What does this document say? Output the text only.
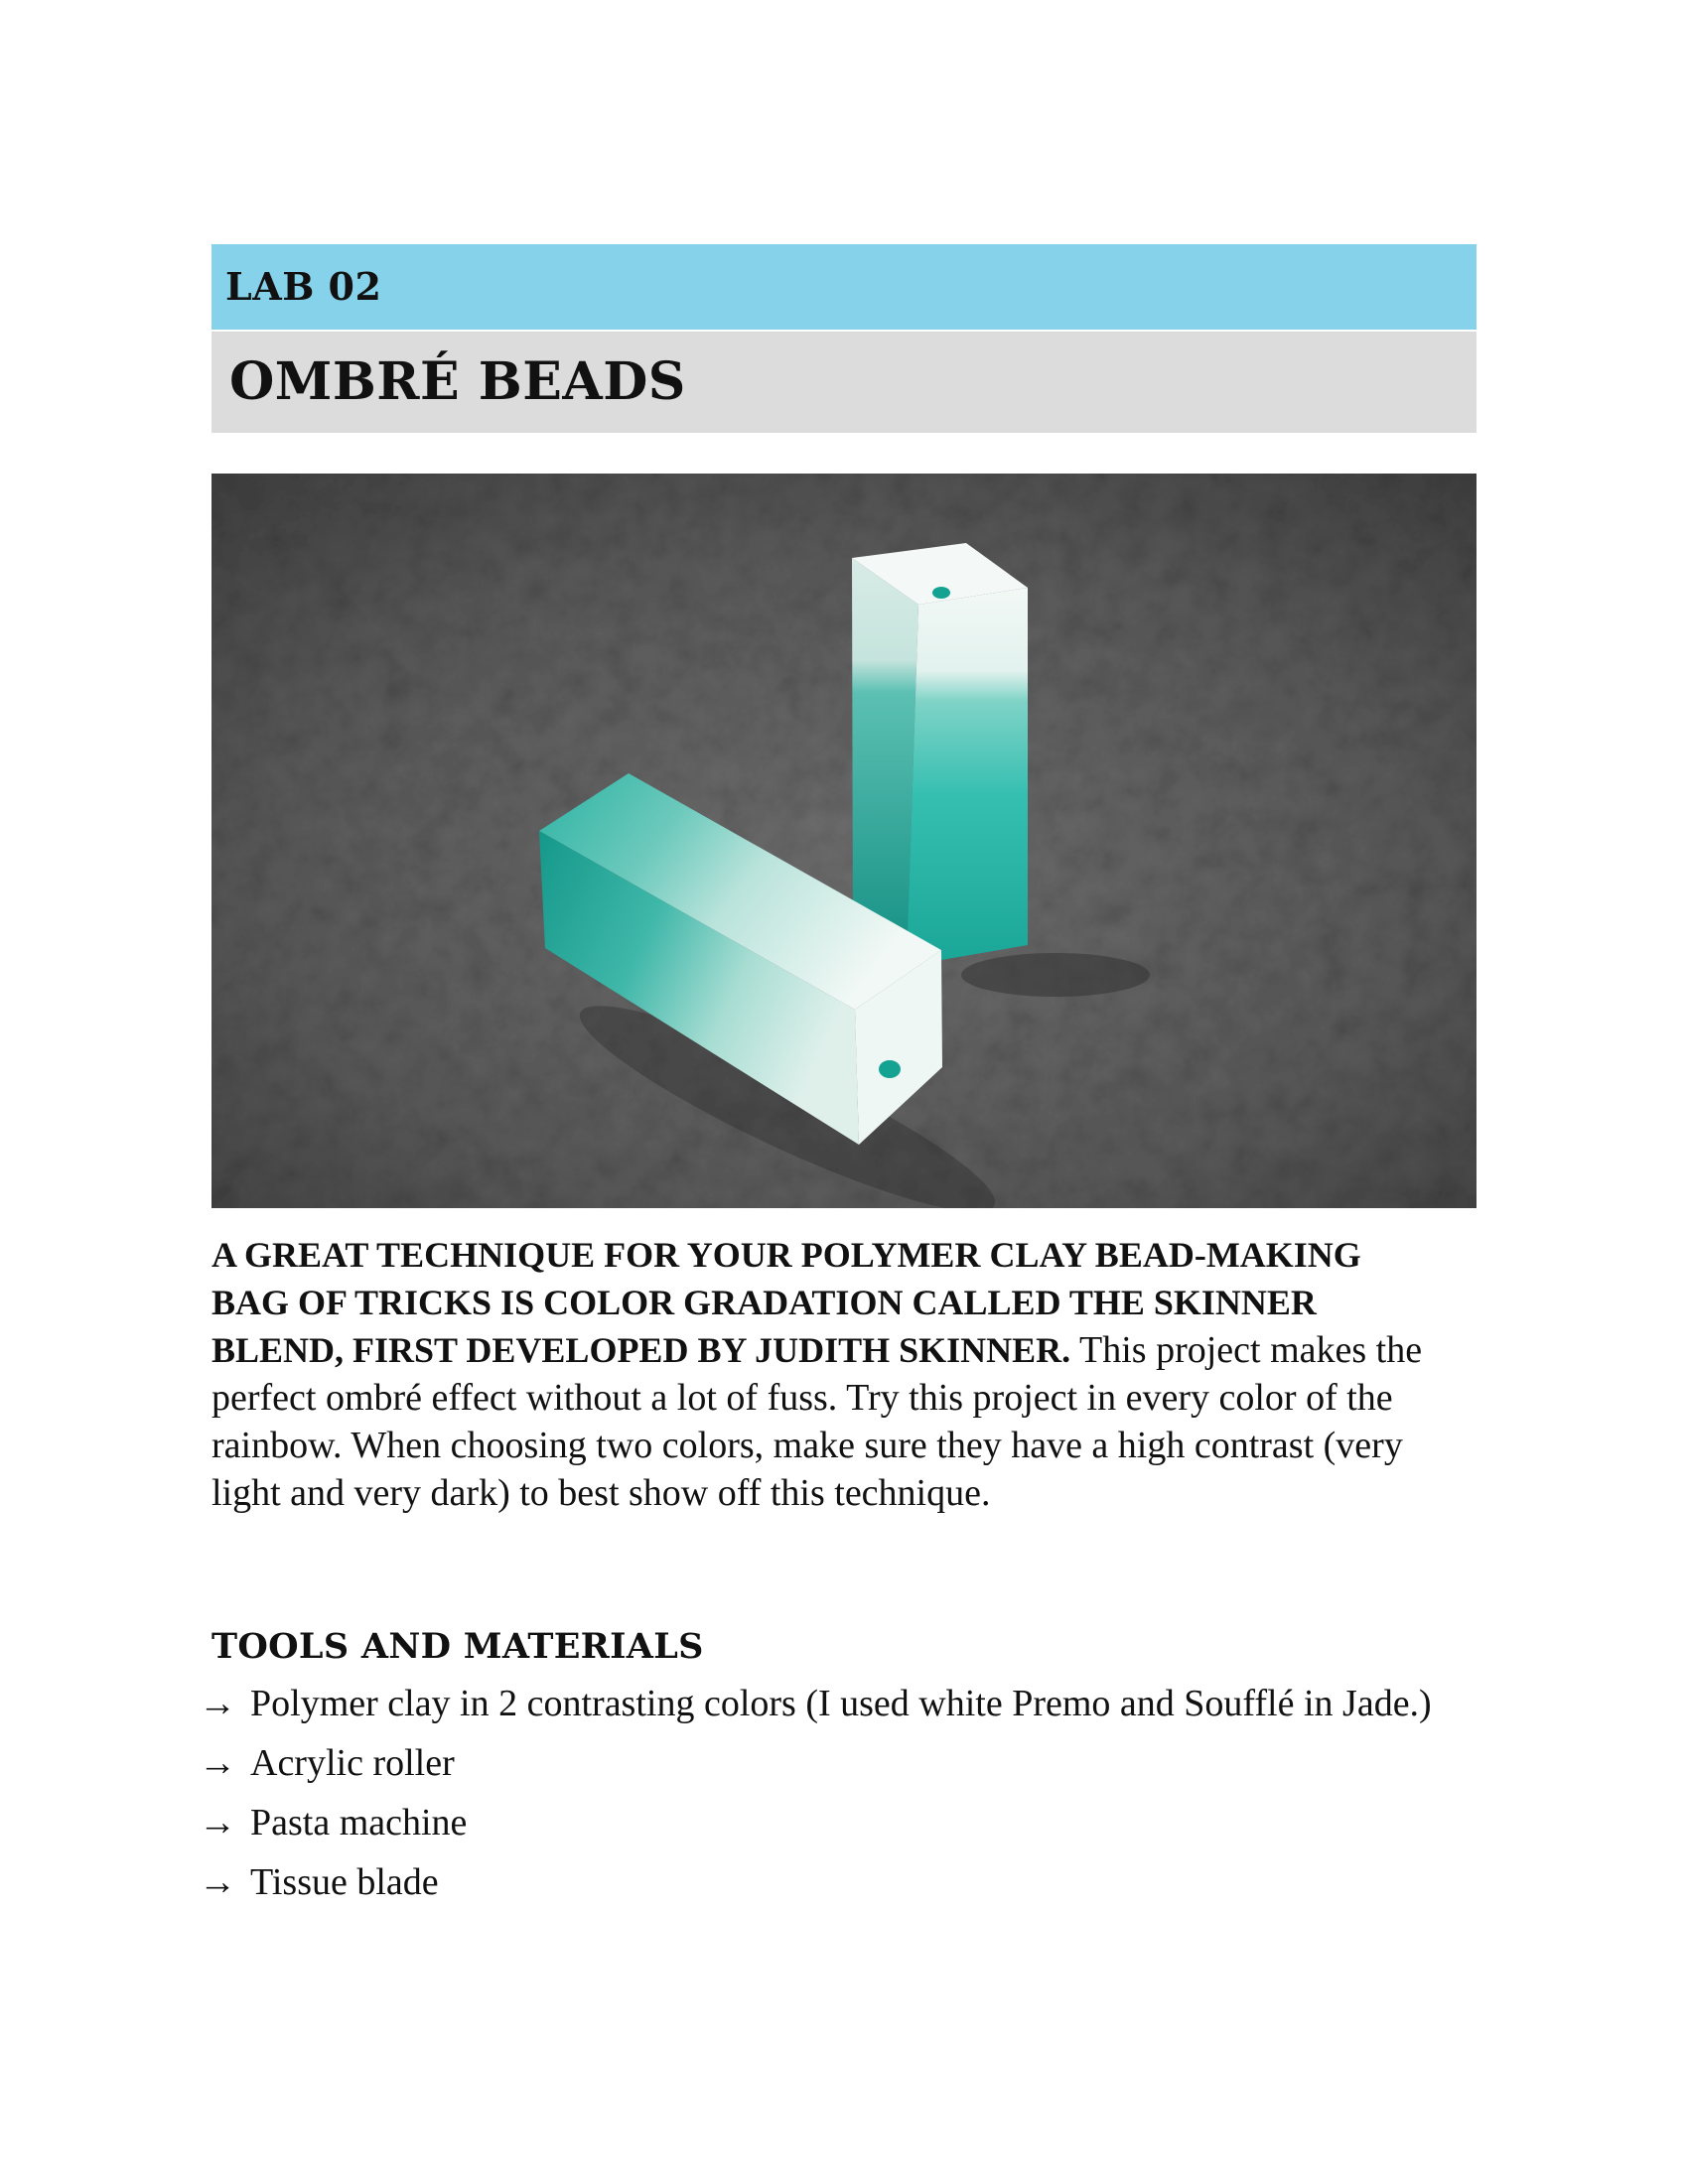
LAB 02
OMBRÉ BEADS
A GREAT TECHNIQUE FOR YOUR POLYMER CLAY BEAD-MAKING BAG OF TRICKS IS COLOR GRADATION CALLED THE SKINNER BLEND, FIRST DEVELOPED BY JUDITH SKINNER. This project makes the perfect ombré effect without a lot of fuss. Try this project in every color of the rainbow. When choosing two colors, make sure they have a high contrast (very light and very dark) to best show off this technique.
TOOLS AND MATERIALS
→ Polymer clay in 2 contrasting colors (I used white Premo and Soufflé in Jade.)
→ Acrylic roller
→ Pasta machine
→ Tissue blade
